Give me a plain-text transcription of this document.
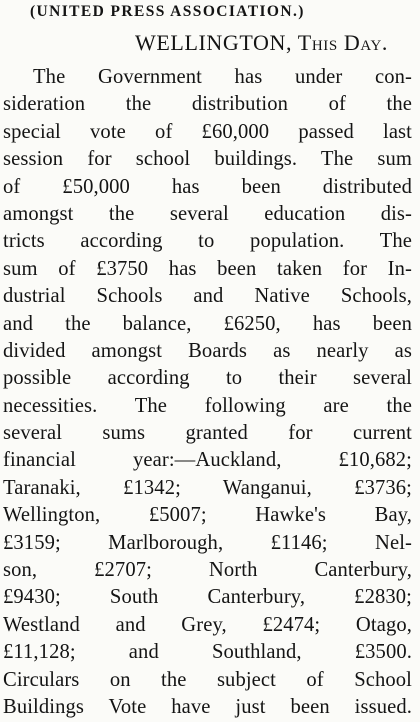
(UNITED PRESS ASSOCIATION.)
WELLINGTON, This Day.
The Government has under con-
sideration the distribution of the
special vote of £60,000 passed last
session for school buildings. The sum
of £50,000 has been distributed
amongst the several education dis-
tricts according to population. The
sum of £3750 has been taken for In-
dustrial Schools and Native Schools,
and the balance, £6250, has been
divided amongst Boards as nearly as
possible according to their several
necessities. The following are the
several sums granted for current
financial year:—Auckland, £10,682;
Taranaki, £1342; Wanganui, £3736;
Wellington, £5007; Hawke's Bay,
£3159; Marlborough, £1146; Nel-
son, £2707; North Canterbury,
£9430; South Canterbury, £2830;
Westland and Grey, £2474; Otago,
£11,128; and Southland, £3500.
Circulars on the subject of School
Buildings Vote have just been issued.
